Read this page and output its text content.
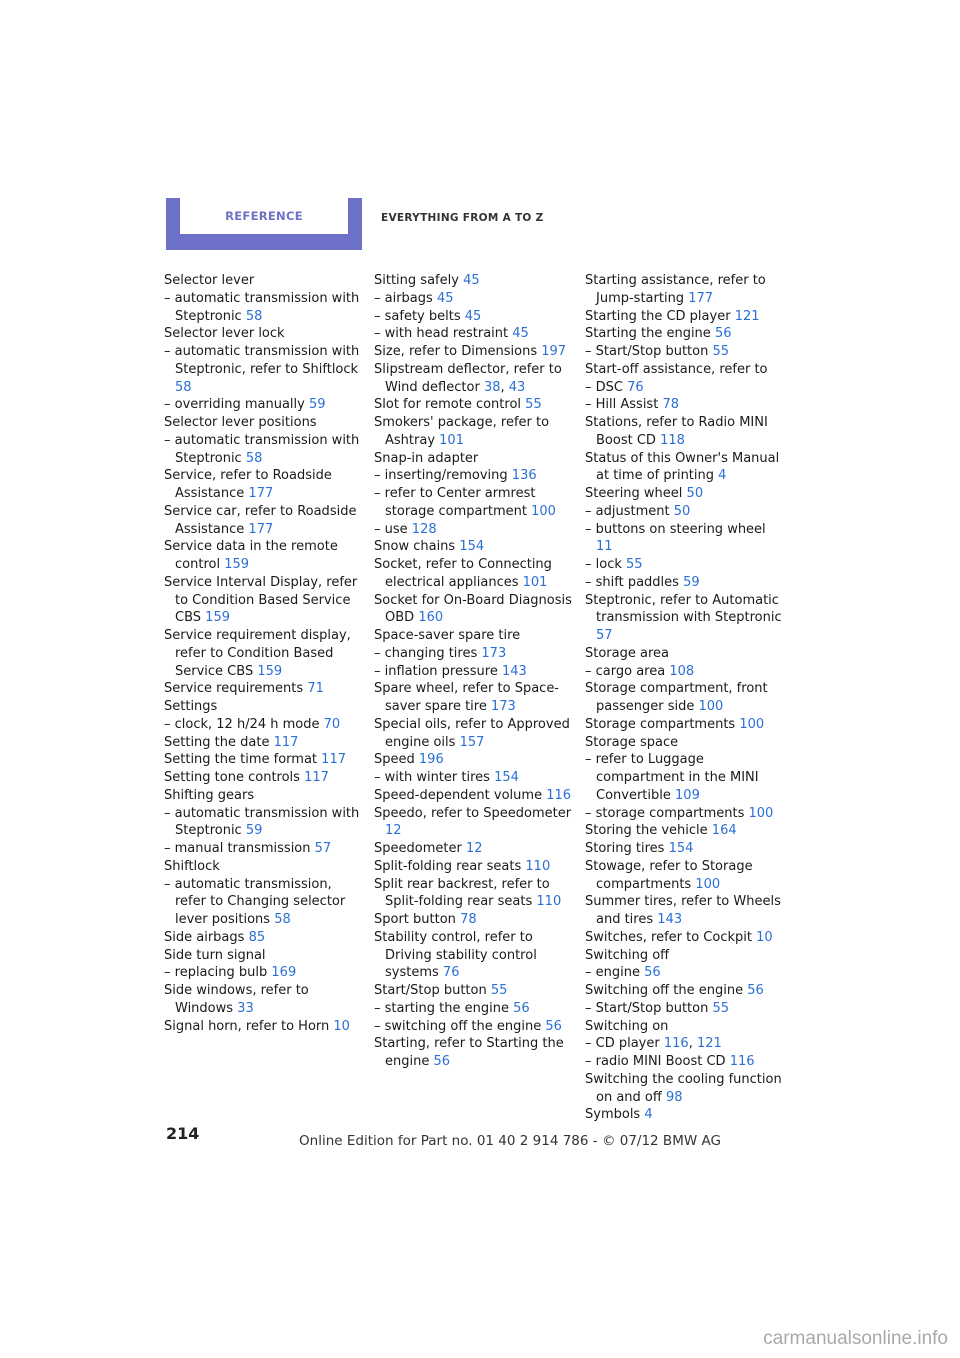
REFERENCE	EVERYTHING FROM A TO Z

Selector lever

– automatic transmission with Steptronic 58

Selector lever lock

– automatic transmission with Steptronic, refer to Shiftlock 58

– overriding manually 59

Selector lever positions

– automatic transmission with Steptronic 58

Service, refer to Roadside Assistance 177

Service car, refer to Roadside Assistance 177

Service data in the remote control 159

Service Interval Display, refer to Condition Based Service CBS 159

Service requirement display, refer to Condition Based Service CBS 159

Service requirements 71

Settings

– clock, 12 h/24 h mode 70

Setting the date 117

Setting the time format 117

Setting tone controls 117

Shifting gears

– automatic transmission with Steptronic 59

– manual transmission 57

Shiftlock

– automatic transmission, refer to Changing selector lever positions 58

Side airbags 85

Side turn signal

– replacing bulb 169

Side windows, refer to Windows 33

Signal horn, refer to Horn 10

Sitting safely 45

– airbags 45

– safety belts 45

– with head restraint 45

Size, refer to Dimensions 197

Slipstream deflector, refer to Wind deflector 38, 43

Slot for remote control 55

Smokers' package, refer to Ashtray 101

Snap-in adapter

– inserting/removing 136

– refer to Center armrest storage compartment 100

– use 128

Snow chains 154

Socket, refer to Connecting electrical appliances 101

Socket for On-Board Diagnosis OBD 160

Space-saver spare tire

– changing tires 173

– inflation pressure 143

Spare wheel, refer to Space-saver spare tire 173

Special oils, refer to Approved engine oils 157

Speed 196

– with winter tires 154

Speed-dependent volume 116

Speedo, refer to Speedometer 12

Speedometer 12

Split-folding rear seats 110

Split rear backrest, refer to Split-folding rear seats 110

Sport button 78

Stability control, refer to Driving stability control systems 76

Start/Stop button 55

– starting the engine 56

– switching off the engine 56

Starting, refer to Starting the engine 56

Starting assistance, refer to Jump-starting 177

Starting the CD player 121

Starting the engine 56

– Start/Stop button 55

Start-off assistance, refer to

– DSC 76

– Hill Assist 78

Stations, refer to Radio MINI Boost CD 118

Status of this Owner's Manual at time of printing 4

Steering wheel 50

– adjustment 50

– buttons on steering wheel 11

– lock 55

– shift paddles 59

Steptronic, refer to Automatic transmission with Steptronic 57

Storage area

– cargo area 108

Storage compartment, front passenger side 100

Storage compartments 100

Storage space

– refer to Luggage compartment in the MINI Convertible 109

– storage compartments 100

Storing the vehicle 164

Storing tires 154

Stowage, refer to Storage compartments 100

Summer tires, refer to Wheels and tires 143

Switches, refer to Cockpit 10

Switching off

– engine 56

Switching off the engine 56

– Start/Stop button 55

Switching on

– CD player 116, 121

– radio MINI Boost CD 116

Switching the cooling function on and off 98

Symbols 4

214	Online Edition for Part no. 01 40 2 914 786 - © 07/12 BMW AG
carmanualsonline.info
